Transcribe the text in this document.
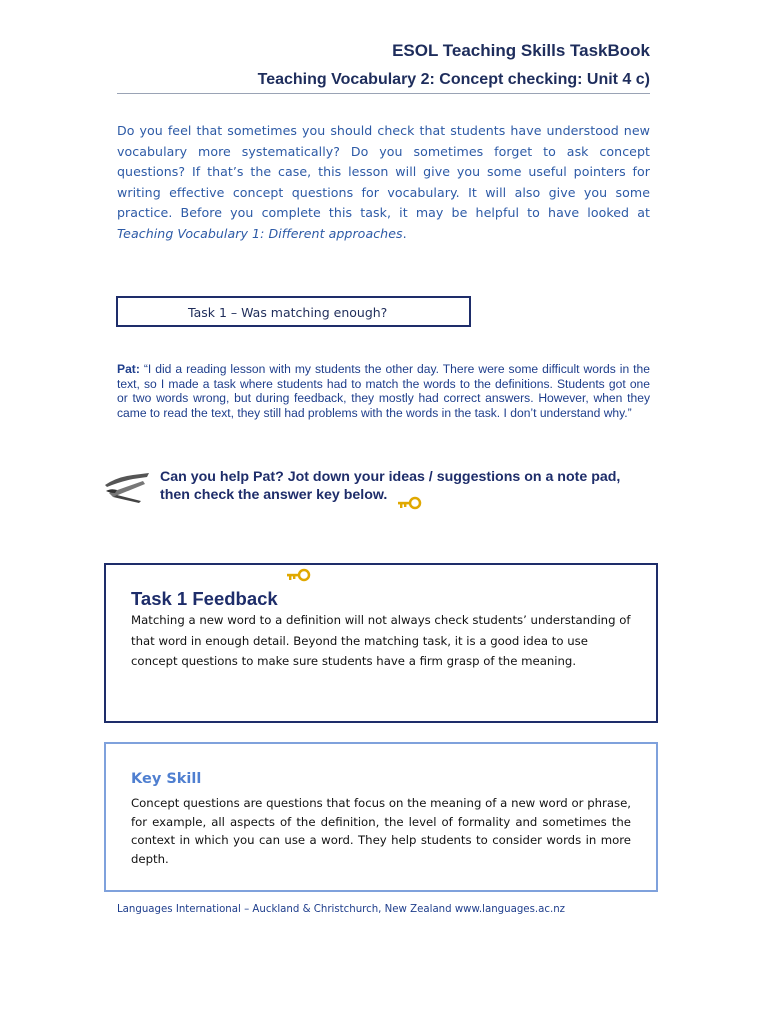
ESOL Teaching Skills TaskBook
Teaching Vocabulary 2: Concept checking: Unit 4 c)

Do you feel that sometimes you should check that students have understood new vocabulary more systematically? Do you sometimes forget to ask concept questions? If that’s the case, this lesson will give you some useful pointers for writing effective concept questions for vocabulary. It will also give you some practice. Before you complete this task, it may be helpful to have looked at Teaching Vocabulary 1: Different approaches.

Task 1 – Was matching enough?

Pat: “I did a reading lesson with my students the other day. There were some difficult words in the text, so I made a task where students had to match the words to the definitions. Students got one or two words wrong, but during feedback, they mostly had correct answers. However, when they came to read the text, they still had problems with the words in the task. I don’t understand why.”

Can you help Pat? Jot down your ideas / suggestions on a note pad,
then check the answer key below.

Task 1 Feedback

Matching a new word to a definition will not always check students’ understanding of that word in enough detail. Beyond the matching task, it is a good idea to use concept questions to make sure students have a firm grasp of the meaning.

Key Skill

Concept questions are questions that focus on the meaning of a new word or phrase, for example, all aspects of the definition, the level of formality and sometimes the context in which you can use a word. They help students to consider words in more depth.

Languages International – Auckland & Christchurch, New Zealand www.languages.ac.nz
